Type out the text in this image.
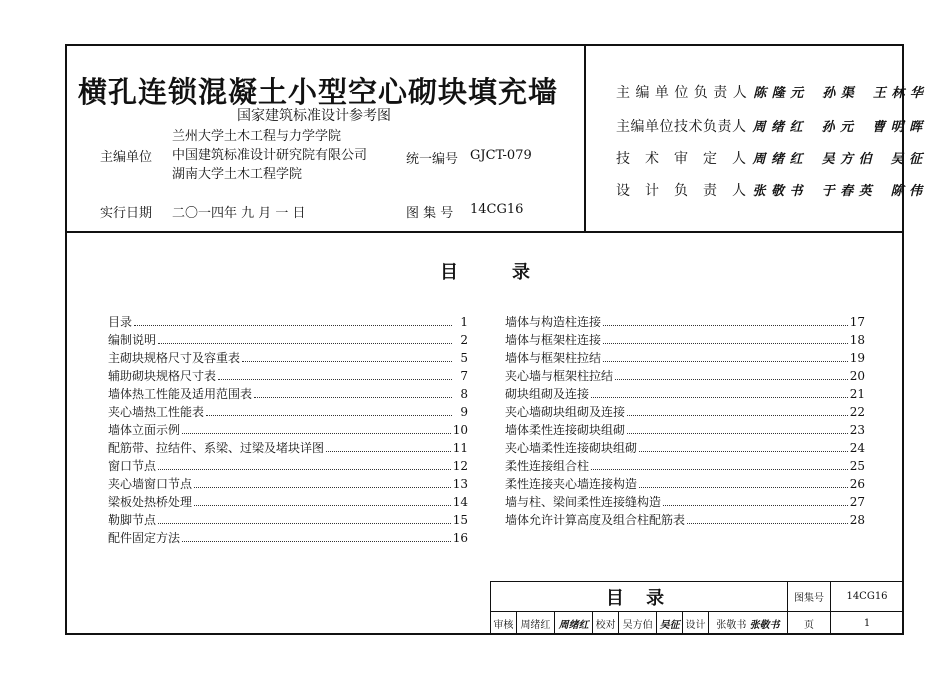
横孔连锁混凝土小型空心砌块填充墙
国家建筑标准设计参考图
主编单位
兰州大学土木工程与力学学院
中国建筑标准设计研究院有限公司
湖南大学土木工程学院
统一编号 GJCT-079
实行日期 二〇一四年 九 月 一 日	图 集 号 14CG16
主 编 单 位 负 责 人 陈 隆 元　 孙 渠　 王 林 华
主编单位技术负责人 周 绪 红　 孙 元　 曹 明 晖
技　术　审　定　人 周 绪 红　 吴 方 伯　 吴 征
设　计　负　责　人 张 敬 书　 于 春 英　 陈 伟
目	录
目录	1
编制说明	2
主砌块规格尺寸及容重表	5
辅助砌块规格尺寸表	7
墙体热工性能及适用范围表	8
夹心墙热工性能表	9
墙体立面示例	10
配筋带、拉结件、系梁、过梁及堵块详图	11
窗口节点	12
夹心墙窗口节点	13
梁板处热桥处理	14
勒脚节点	15
配件固定方法	16
墙体与构造柱连接	17
墙体与框架柱连接	18
墙体与框架柱拉结	19
夹心墙与框架柱拉结	20
砌块组砌及连接	21
夹心墙砌块组砌及连接	22
墙体柔性连接砌块组砌	23
夹心墙柔性连接砌块组砌	24
柔性连接组合柱	25
柔性连接夹心墙连接构造	26
墙与柱、梁间柔性连接缝构造	27
墙体允许计算高度及组合柱配筋表	28
目 录								图集号	14CG16
审核	周绪红	周绪红	校对	吴方伯	吴征	设计	张敬书 张敬书	页	1
